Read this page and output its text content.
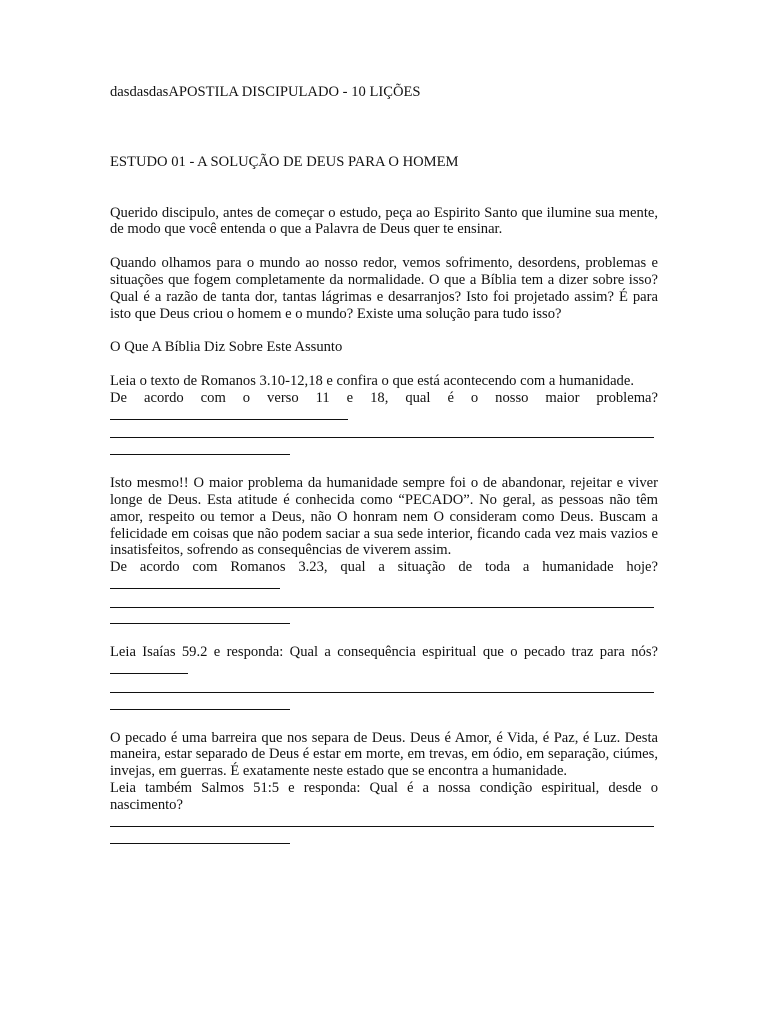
dasdasdasAPOSTILA DISCIPULADO - 10 LIÇÕES
ESTUDO 01 - A SOLUÇÃO DE DEUS PARA O HOMEM

Querido discipulo, antes de começar o estudo, peça ao Espirito Santo que ilumine sua mente, de modo que você entenda o que a Palavra de Deus quer te ensinar.

Quando olhamos para o mundo ao nosso redor, vemos sofrimento, desordens, problemas e situações que fogem completamente da normalidade. O que a Bíblia tem a dizer sobre isso? Qual é a razão de tanta dor, tantas lágrimas e desarranjos? Isto foi projetado assim? É para isto que Deus criou o homem e o mundo? Existe uma solução para tudo isso?

O Que A Bíblia Diz Sobre Este Assunto

Leia o texto de Romanos 3.10-12,18 e confira o que está acontecendo com a humanidade.

De acordo com o verso 11 e 18, qual é o nosso maior problema?

Isto mesmo!! O maior problema da humanidade sempre foi o de abandonar, rejeitar e viver longe de Deus. Esta atitude é conhecida como “PECADO”. No geral, as pessoas não têm amor, respeito ou temor a Deus, não O honram nem O consideram como Deus. Buscam a felicidade em coisas que não podem saciar a sua sede interior, ficando cada vez mais vazios e insatisfeitos, sofrendo as consequências de viverem assim.

De acordo com Romanos 3.23, qual a situação de toda a humanidade hoje?

Leia Isaías 59.2 e responda: Qual a consequência espiritual que o pecado traz para nós?

O pecado é uma barreira que nos separa de Deus. Deus é Amor, é Vida, é Paz, é Luz. Desta maneira, estar separado de Deus é estar em morte, em trevas, em ódio, em separação, ciúmes, invejas, em guerras. É exatamente neste estado que se encontra a humanidade.

Leia também Salmos 51:5 e responda: Qual é a nossa condição espiritual, desde o nascimento?
